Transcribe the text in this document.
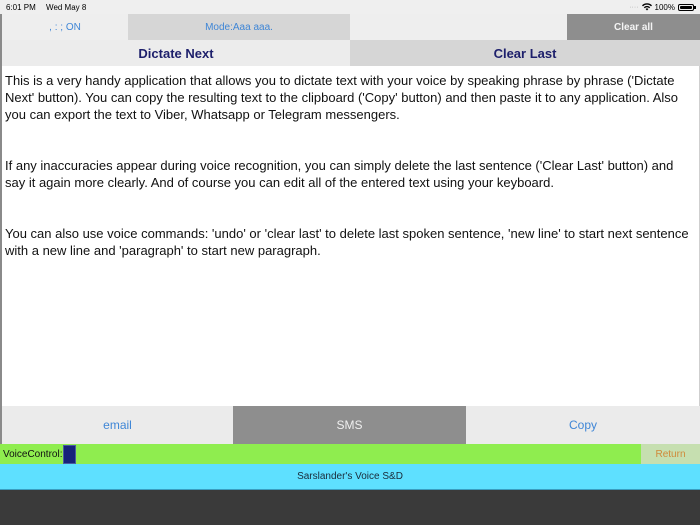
6:01 PM Wed May 8	···· 100%
, : ; ON	Mode:Aaa aaa.	Clear all
Dictate Next	Clear Last

This is a very handy application that allows you to dictate text with your voice by speaking phrase by phrase ('Dictate Next' button). You can copy the resulting text to the clipboard ('Copy' button) and then paste it to any application. Also you can export the text to Viber, Whatsapp or Telegram messengers.

If any inaccuracies appear during voice recognition, you can simply delete the last sentence ('Clear Last' button) and say it again more clearly. And of course you can edit all of the entered text using your keyboard.

You can also use voice commands: 'undo' or 'clear last' to delete last spoken sentence, 'new line' to start next sentence with a new line and 'paragraph' to start new paragraph.

email	SMS	Copy
VoiceControl:	Return
Sarslander's Voice S&D
